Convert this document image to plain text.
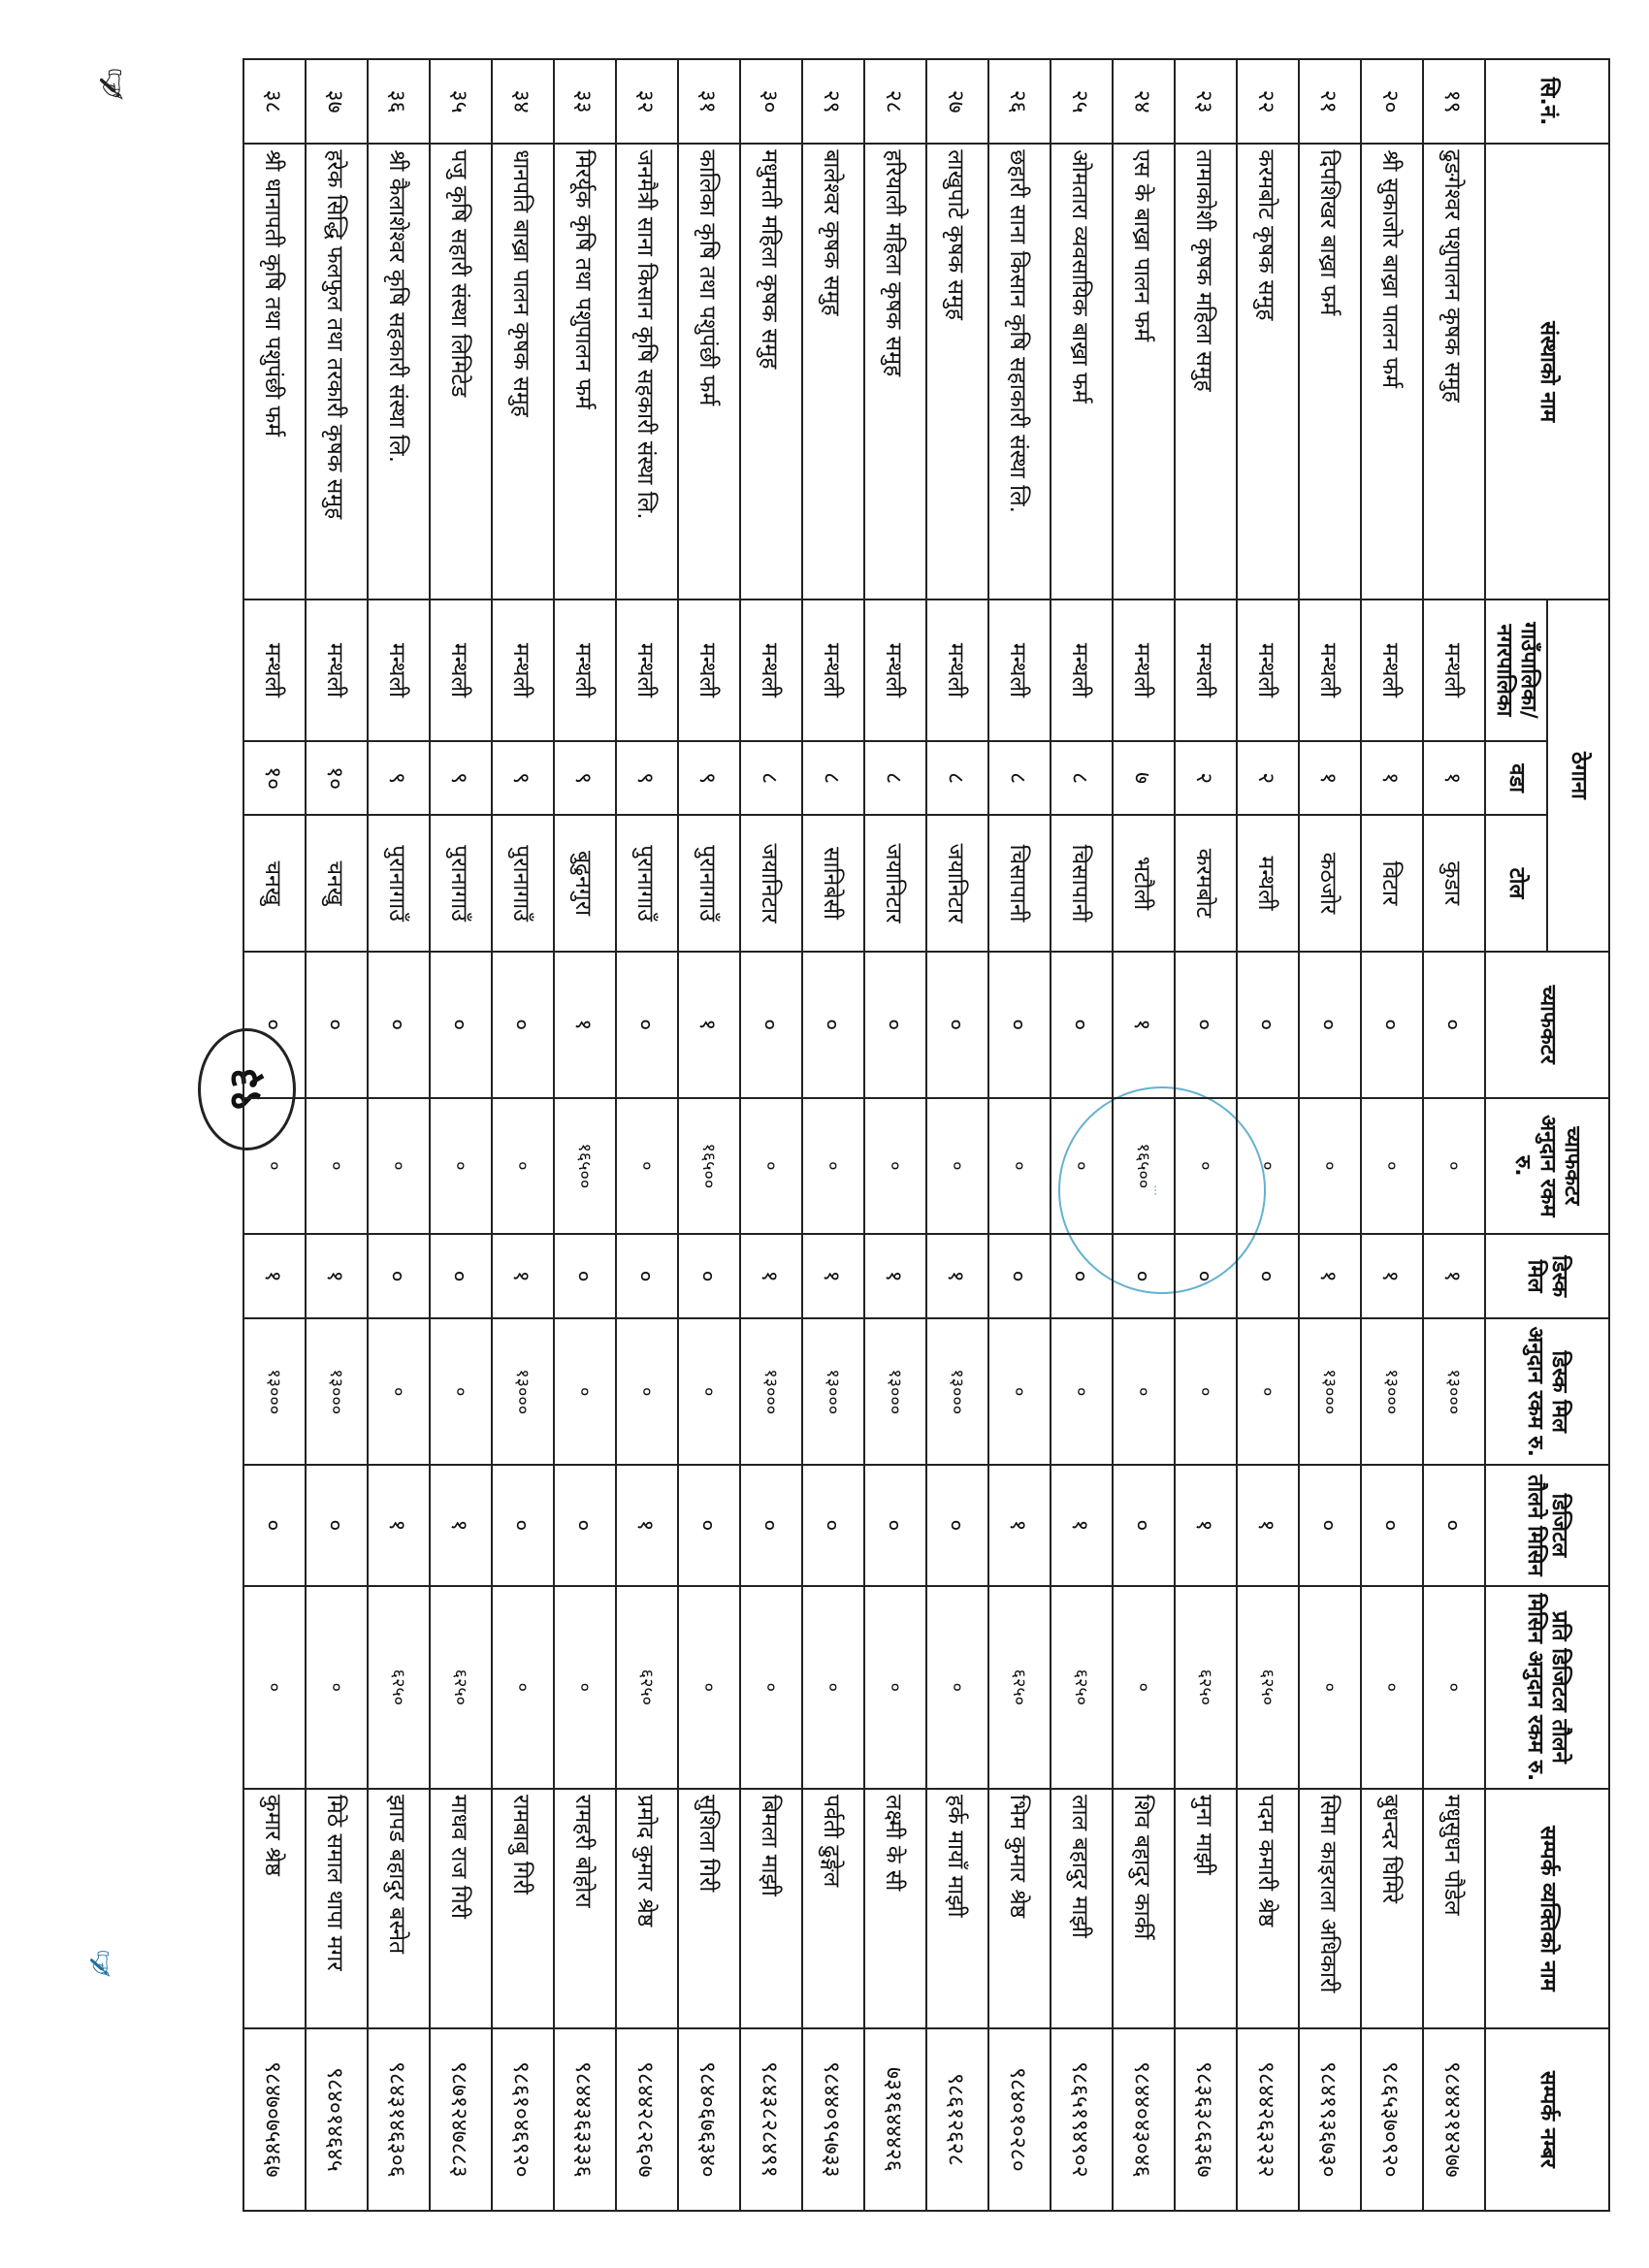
९३
...
✍
✍
सि.नं.	संस्थाको नाम	ठेगाना			च्याफकटर	च्याफकटर अनुदान रकम रु.	डिस्क मिल	डिस्क मिल अनुदान रकम रु.	डिजिटल तौलने मिसिन	प्रति डिजिटल तौलने मिसिन अनुदान रकम रु.	सम्पर्क व्यक्तिको नाम	सम्पर्क नम्बर
		गाउँपालिका/नगरपालिका	वडा	टोल								
१९	ढुङगेश्वर पशुपालन कृषक समुह	मन्थली	१	कुडार	०	०	१	१३०००	०	०	मधुसुधन पौडेल	९८४४२१४२७७
२०	श्री सुकाजोर बाख्रा पालन फर्म	मन्थली	१	विटार	०	०	१	१३०००	०	०	बुधन्दर घिमिरे	९८६५३७०९२०
२१	दिपशिखर बाख्रा फर्म	मन्थली	१	कठजोर	०	०	१	१३०००	०	०	सिमा काइराला अधिकारी	९८४१९३६७३०
२२	करमबोट कृषक समुह	मन्थली	२	मन्थली	०	०	०	०	१	६२५०	पदम कमारी श्रेष्ठ	९८४४२६३२३२
२३	तामाकोशी कृषक महिला समुह	मन्थली	२	करमबोट	०	०	०	०	१	६२५०	मुना माझी	९८३६३८६३६७
२४	एस के बाख्रा पालन फर्म	मन्थली	७	भटौली	१	१६५००	०	०	०	०	शिव बहादुर कार्की	९८४४०४३०४६
२५	ओमतारा व्यवसायिक बाख्रा फर्म	मन्थली	८	चिसापानी	०	०	०	०	१	६२५०	लाल बहादुर माझी	९८६५१९४९०२
२६	छहारी साना किसान कृषि सहाकारी संस्था लि.	मन्थली	८	चिसापानी	०	०	०	०	१	६२५०	भिम कुमार श्रेष्ठ	९८४०१०२८०
२७	लाखुपाटे कृषक समुह	मन्थली	८	जयानिटार	०	०	१	१३०००	०	०	हर्क मायाँ माझी	९८६१२६२८
२८	हरियाली महिला कृषक समुह	मन्थली	८	जयानिटार	०	०	१	१३०००	०	०	लक्ष्मी के सी	७३१६४४४२६
२९	बालेश्वर कृषक समुह	मन्थली	८	सानिबेसी	०	०	१	१३०००	०	०	पर्वती ढुङ्गेल	९८४४०९५७३३
३०	मधुमती महिला कृषक समुह	मन्थली	८	जयानिटार	०	०	१	१३०००	०	०	बिमला माझी	९८४३८२८४९१
३१	कालिका कृषि तथा पशुपंछी फर्म	मन्थली	९	पुरानागाउँ	१	१६५००	०	०	०	०	सुशिला गिरी	९८४०६७६३४०
३२	जनमैत्री साना किसान कृषि सहकारी संस्था लि.	मन्थली	९	पुरानागाउँ	०	०	०	०	१	६२५०	प्रमोद कुमार श्रेष्ठ	९८४४२८२६०७
३३	मिरर्यूक कृषि तथा पशुपालन फर्म	मन्थली	९	बुढुनगुरा	१	१६५००	०	०	०	०	रामहरी बोहोरा	९८४४३६३३३६
३४	धानपति बाख्रा पालन कृषक समुह	मन्थली	९	पुरानागाउँ	०	०	१	१३०००	०	०	रामबाबु गिरी	९८६१०४६९२०
३५	पजु कृषि सहारी संस्था लिमिटेड	मन्थली	९	पुरानागाउँ	०	०	०	०	१	६२५०	माधव राज गिरी	९८७१२४७८८३
३६	श्री कैलाशेश्वर कृषि सहकारी संस्था लि.	मन्थली	९	पुरानागाउँ	०	०	०	०	१	६२५०	झापड बहादुर बस्नेत	९८४३१४६३०६
३७	हरेक सिद्धि फलफुल तथा तरकारी कृषक समुह	मन्थली	१०	चनखु	०	०	१	१३०००	०	०	मिठे समाल थापा मगर	९८४०१४६४५
३८	श्री धानापती कृषि तथा पशुपंछी फर्म	मन्थली	१०	चनखु	०	०	१	१३०००	०	०	कुमार श्रेष्ठ	९८४७०७५४६७
